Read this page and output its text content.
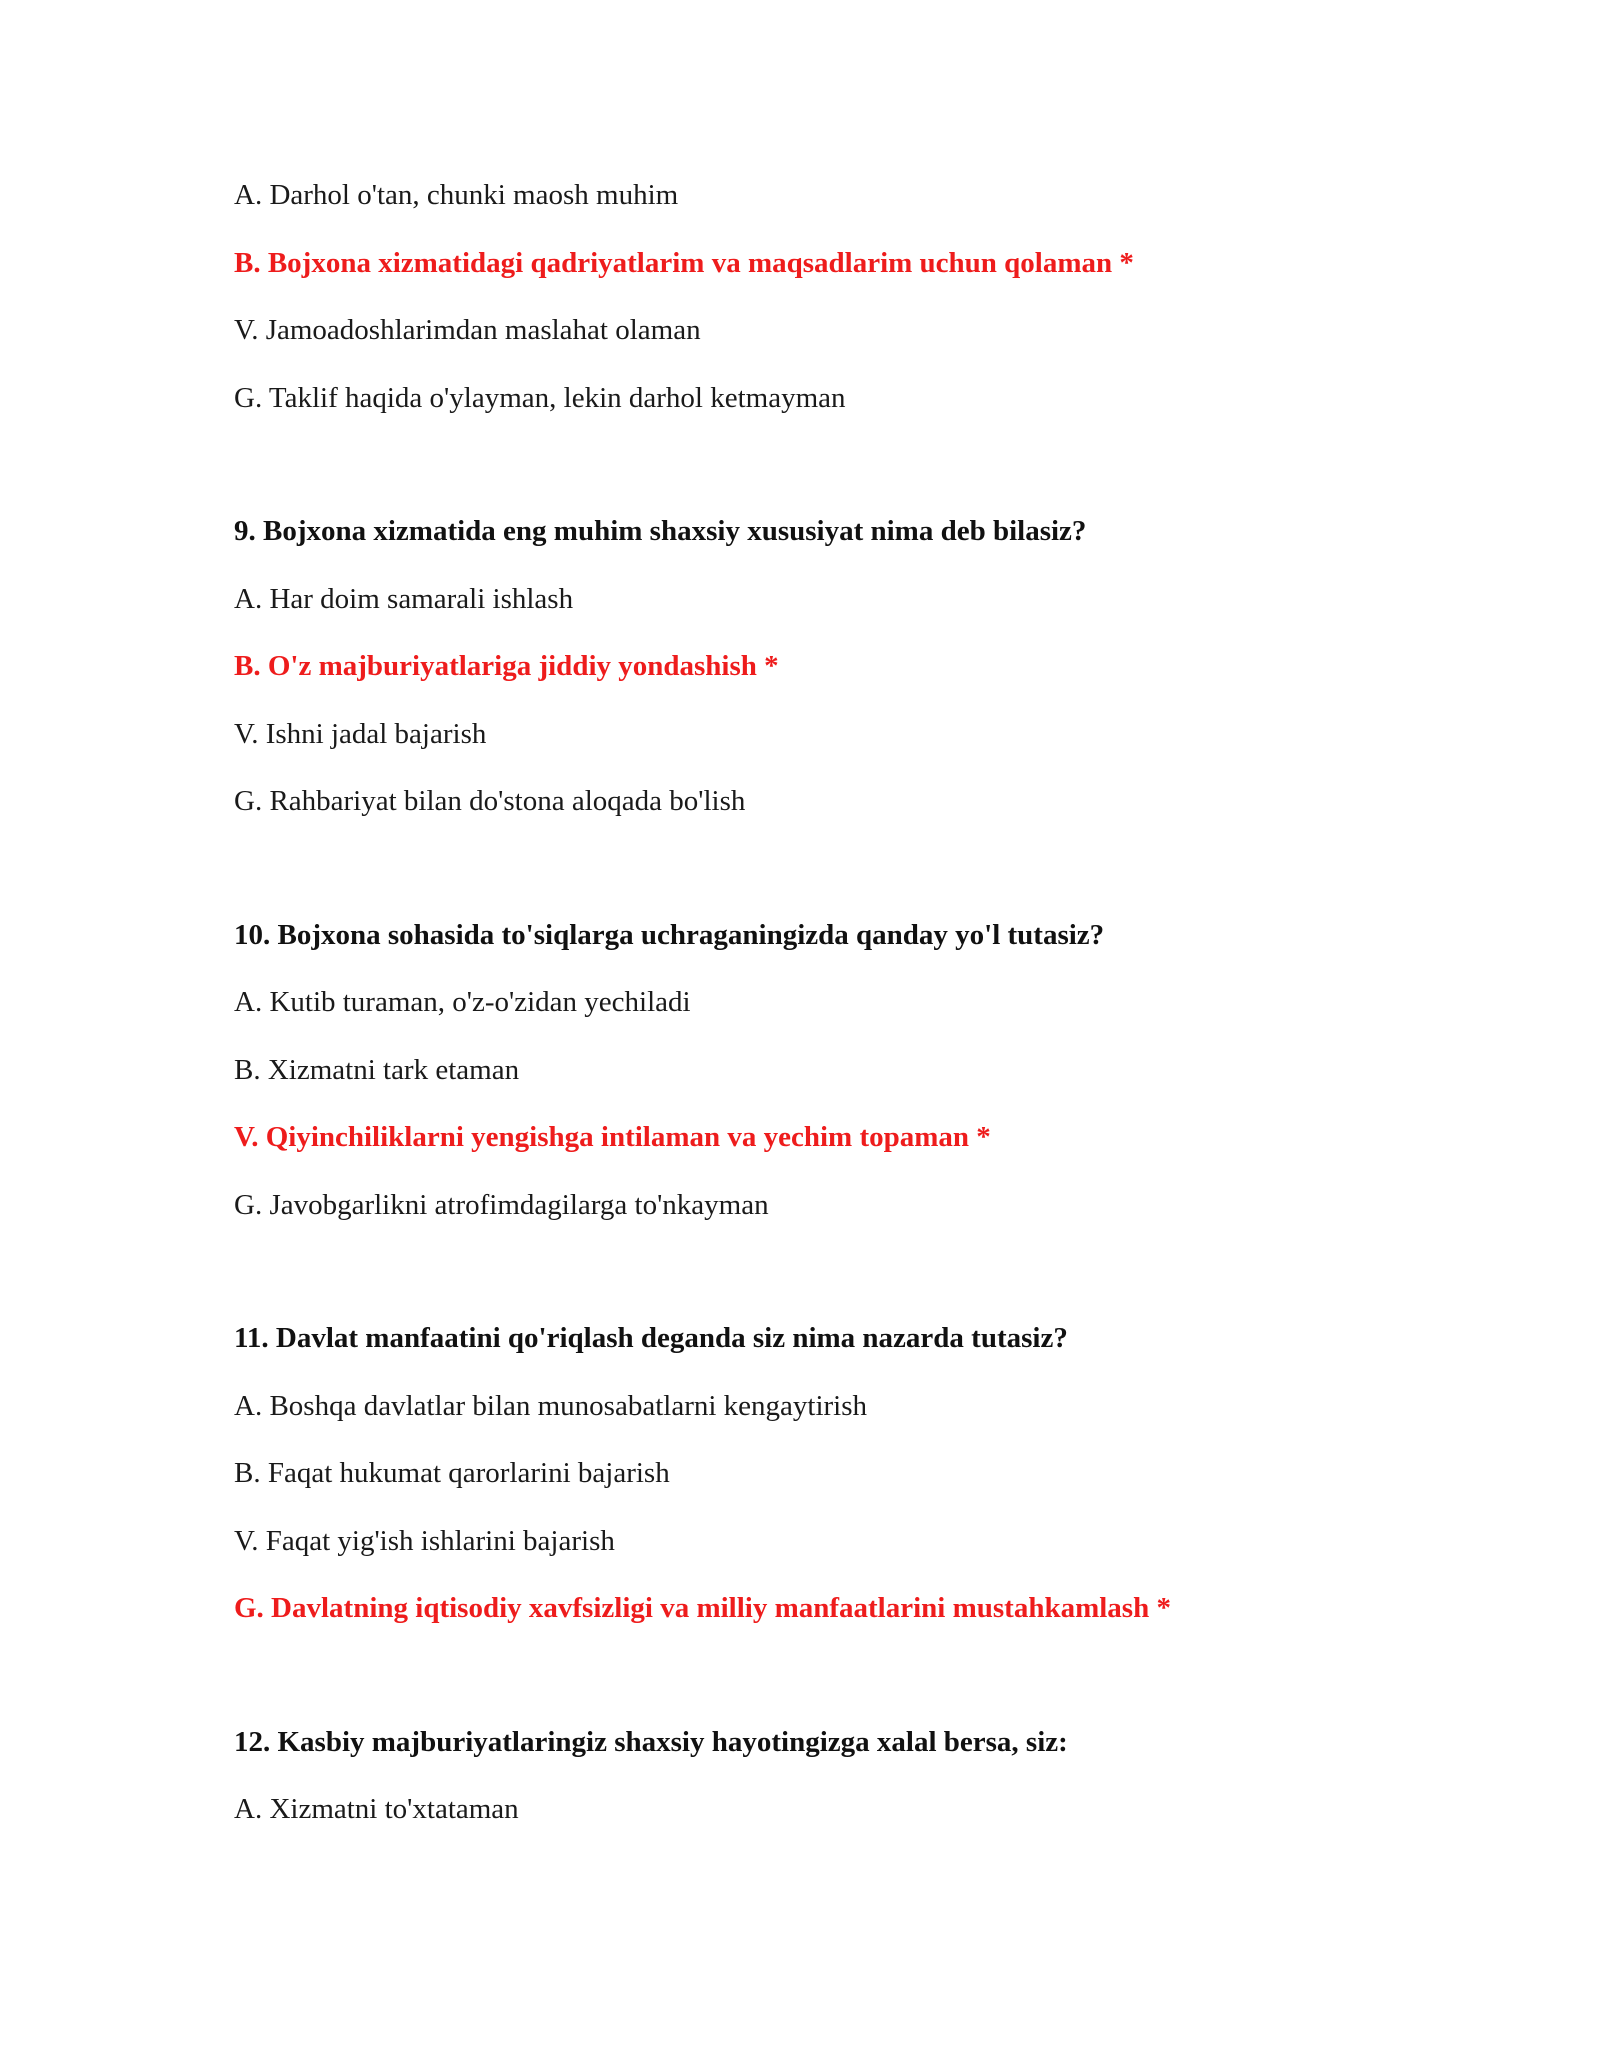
A. Darhol o'tan, chunki maosh muhim
B. Bojxona xizmatidagi qadriyatlarim va maqsadlarim uchun qolaman *
V. Jamoadoshlarimdan maslahat olaman
G. Taklif haqida o'ylayman, lekin darhol ketmayman
9. Bojxona xizmatida eng muhim shaxsiy xususiyat nima deb bilasiz?
A. Har doim samarali ishlash
B. O'z majburiyatlariga jiddiy yondashish *
V. Ishni jadal bajarish
G. Rahbariyat bilan do'stona aloqada bo'lish
10. Bojxona sohasida to'siqlarga uchraganingizda qanday yo'l tutasiz?
A. Kutib turaman, o'z-o'zidan yechiladi
B. Xizmatni tark etaman
V. Qiyinchiliklarni yengishga intilaman va yechim topaman *
G. Javobgarlikni atrofimdagilarga to'nkayman
11. Davlat manfaatini qo'riqlash deganda siz nima nazarda tutasiz?
A. Boshqa davlatlar bilan munosabatlarni kengaytirish
B. Faqat hukumat qarorlarini bajarish
V. Faqat yig'ish ishlarini bajarish
G. Davlatning iqtisodiy xavfsizligi va milliy manfaatlarini mustahkamlash *
12. Kasbiy majburiyatlaringiz shaxsiy hayotingizga xalal bersa, siz:
A. Xizmatni to'xtataman
